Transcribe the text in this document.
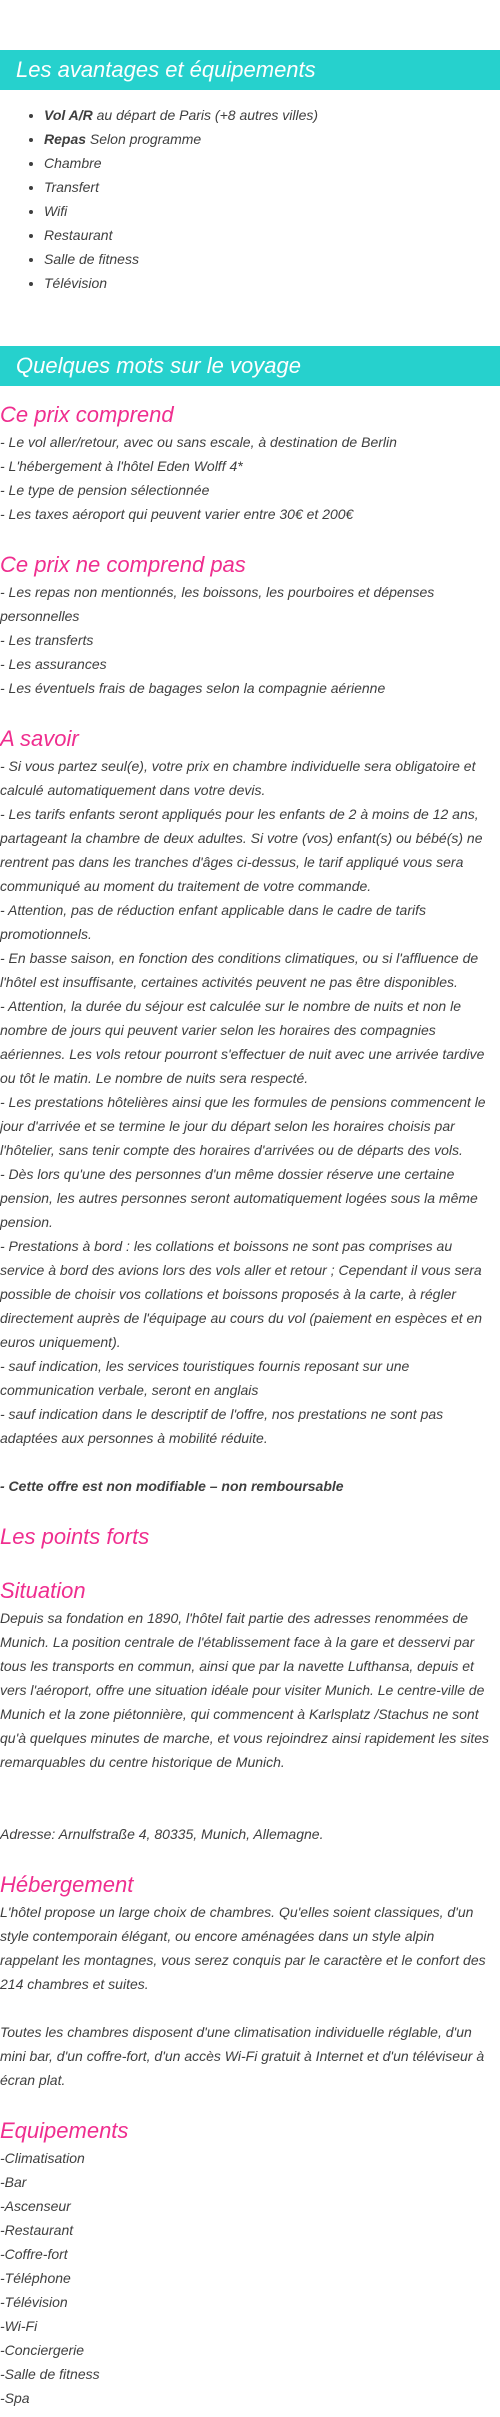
Les avantages et équipements
• Vol A/R au départ de Paris (+8 autres villes)
• Repas Selon programme
• Chambre
• Transfert
• Wifi
• Restaurant
• Salle de fitness
• Télévision
Quelques mots sur le voyage
Ce prix comprend
- Le vol aller/retour, avec ou sans escale, à destination de Berlin
- L'hébergement à l'hôtel Eden Wolff 4*
- Le type de pension sélectionnée
- Les taxes aéroport qui peuvent varier entre 30€ et 200€
Ce prix ne comprend pas
- Les repas non mentionnés, les boissons, les pourboires et dépenses personnelles
- Les transferts
- Les assurances
- Les éventuels frais de bagages selon la compagnie aérienne
A savoir
- Si vous partez seul(e), votre prix en chambre individuelle sera obligatoire et calculé automatiquement dans votre devis.
- Les tarifs enfants seront appliqués pour les enfants de 2 à moins de 12 ans, partageant la chambre de deux adultes. Si votre (vos) enfant(s) ou bébé(s) ne rentrent pas dans les tranches d'âges ci-dessus, le tarif appliqué vous sera communiqué au moment du traitement de votre commande.
- Attention, pas de réduction enfant applicable dans le cadre de tarifs promotionnels.
- En basse saison, en fonction des conditions climatiques, ou si l'affluence de l'hôtel est insuffisante, certaines activités peuvent ne pas être disponibles.
- Attention, la durée du séjour est calculée sur le nombre de nuits et non le nombre de jours qui peuvent varier selon les horaires des compagnies aériennes. Les vols retour pourront s'effectuer de nuit avec une arrivée tardive ou tôt le matin. Le nombre de nuits sera respecté.
- Les prestations hôtelières ainsi que les formules de pensions commencent le jour d'arrivée et se termine le jour du départ selon les horaires choisis par l'hôtelier, sans tenir compte des horaires d'arrivées ou de départs des vols.
- Dès lors qu'une des personnes d'un même dossier réserve une certaine pension, les autres personnes seront automatiquement logées sous la même pension.
- Prestations à bord : les collations et boissons ne sont pas comprises au service à bord des avions lors des vols aller et retour ; Cependant il vous sera possible de choisir vos collations et boissons proposés à la carte, à régler directement auprès de l'équipage au cours du vol (paiement en espèces et en euros uniquement).
- sauf indication, les services touristiques fournis reposant sur une communication verbale, seront en anglais
- sauf indication dans le descriptif de l'offre, nos prestations ne sont pas adaptées aux personnes à mobilité réduite.
- Cette offre est non modifiable – non remboursable
Les points forts
Situation

Depuis sa fondation en 1890, l'hôtel fait partie des adresses renommées de Munich. La position centrale de l'établissement face à la gare et desservi par tous les transports en commun, ainsi que par la navette Lufthansa, depuis et vers l'aéroport, offre une situation idéale pour visiter Munich. Le centre-ville de Munich et la zone piétonnière, qui commencent à Karlsplatz /Stachus ne sont qu'à quelques minutes de marche, et vous rejoindrez ainsi rapidement les sites remarquables du centre historique de Munich.

Adresse: Arnulfstraße 4, 80335, Munich, Allemagne.

Hébergement

L'hôtel propose un large choix de chambres. Qu'elles soient classiques, d'un style contemporain élégant, ou encore aménagées dans un style alpin rappelant les montagnes, vous serez conquis par le caractère et le confort des 214 chambres et suites.

Toutes les chambres disposent d'une climatisation individuelle réglable, d'un mini bar, d'un coffre-fort, d'un accès Wi-Fi gratuit à Internet et d'un téléviseur à écran plat.

Equipements
-Climatisation
-Bar
-Ascenseur
-Restaurant
-Coffre-fort
-Téléphone
-Télévision
-Wi-Fi
-Conciergerie
-Salle de fitness
-Spa
